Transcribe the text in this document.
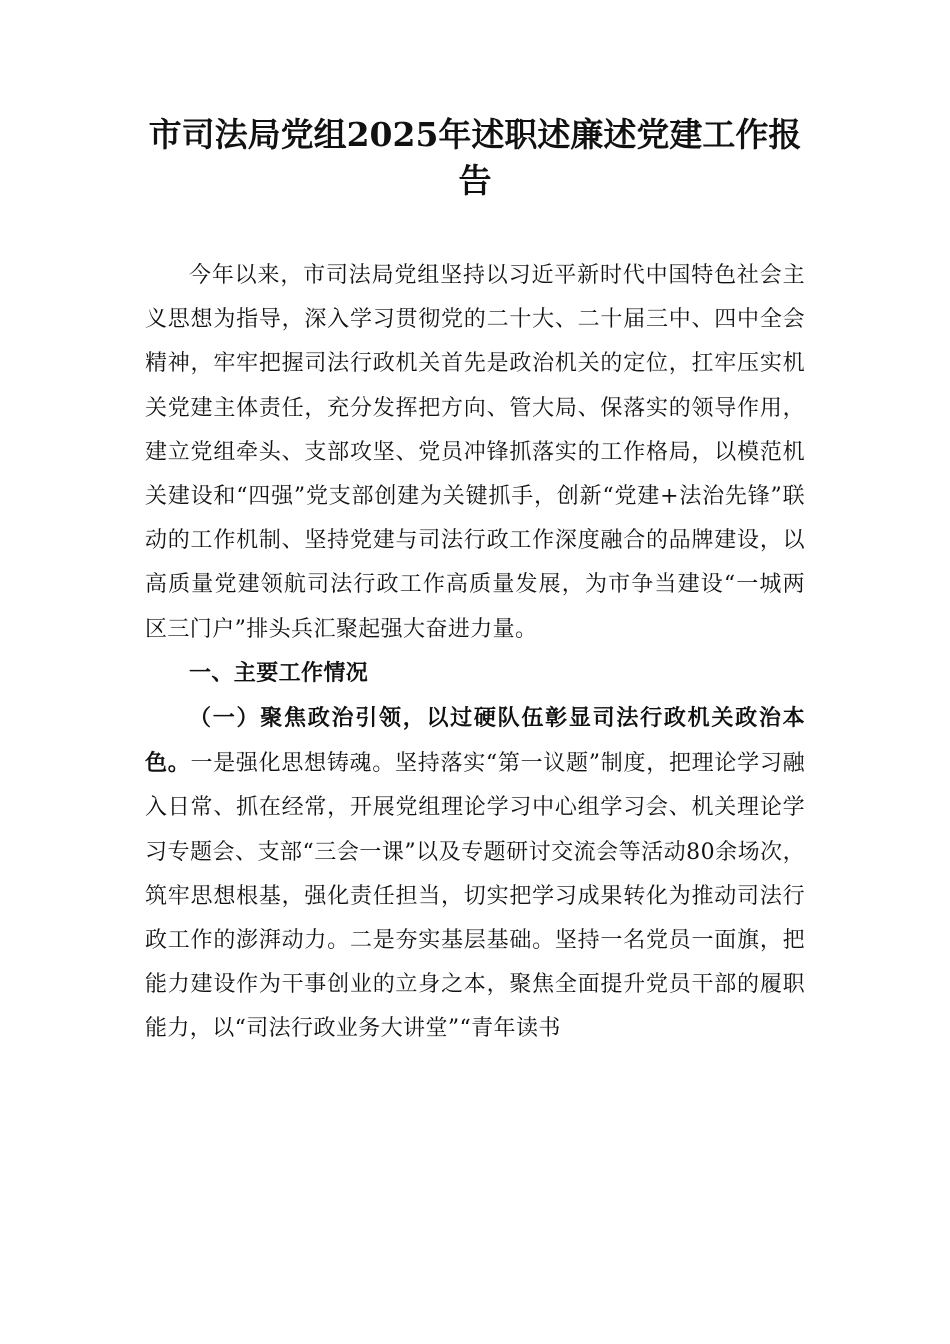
市司法局党组2025年述职述廉述党建工作报告

今年以来，市司法局党组坚持以习近平新时代中国特色社会主义思想为指导，深入学习贯彻党的二十大、二十届三中、四中全会精神，牢牢把握司法行政机关首先是政治机关的定位，扛牢压实机关党建主体责任，充分发挥把方向、管大局、保落实的领导作用，建立党组牵头、支部攻坚、党员冲锋抓落实的工作格局，以模范机关建设和“四强”党支部创建为关键抓手，创新“党建+法治先锋”联动的工作机制、坚持党建与司法行政工作深度融合的品牌建设，以高质量党建领航司法行政工作高质量发展，为市争当建设“一城两区三门户”排头兵汇聚起强大奋进力量。

一、主要工作情况

（一）聚焦政治引领，以过硬队伍彰显司法行政机关政治本色。一是强化思想铸魂。坚持落实“第一议题”制度，把理论学习融入日常、抓在经常，开展党组理论学习中心组学习会、机关理论学习专题会、支部“三会一课”以及专题研讨交流会等活动80余场次，筑牢思想根基，强化责任担当，切实把学习成果转化为推动司法行政工作的澎湃动力。二是夯实基层基础。坚持一名党员一面旗，把能力建设作为干事创业的立身之本，聚焦全面提升党员干部的履职能力，以“司法行政业务大讲堂”“青年读书
